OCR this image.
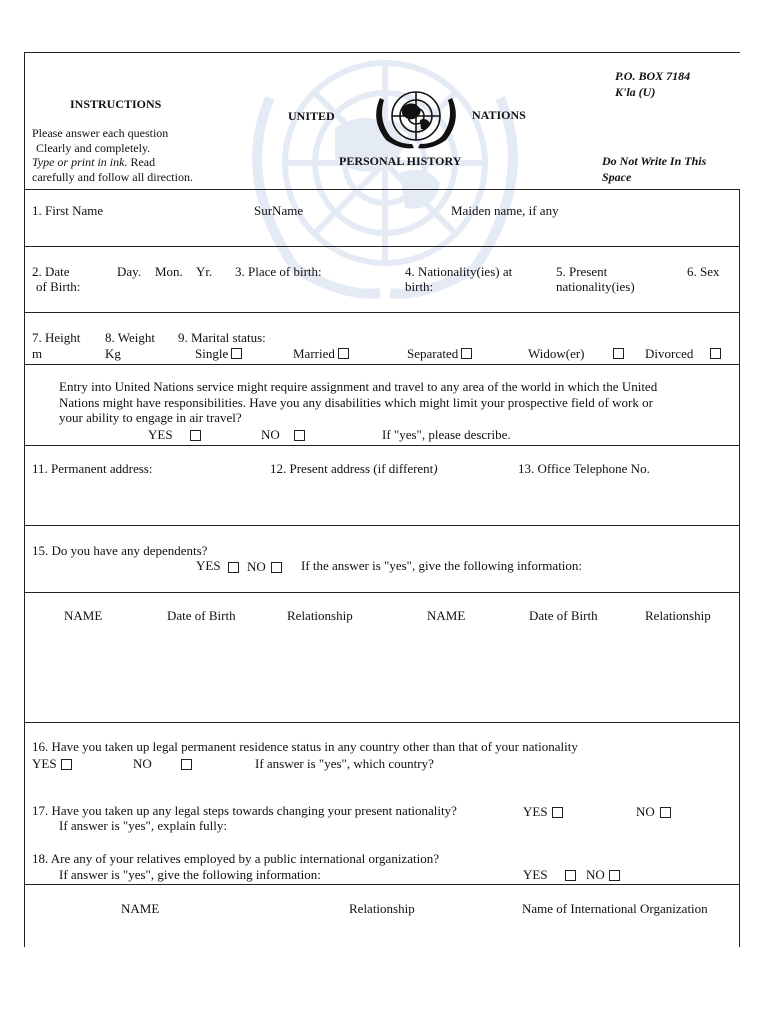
INSTRUCTIONS
Please answer each question
Clearly and completely.
Type or print in ink. Read
carefully and follow all direction.
UNITED	NATIONS
PERSONAL HISTORY
P.O. BOX 7184
K'la (U)
Do Not Write In This
Space
1. First Name	SurName	Maiden name, if any
2. Date
of Birth:
Day. Mon. Yr. 3. Place of birth:	4. Nationality(ies) at
birth:
5. Present
nationality(ies)
6. Sex
7. Height
m
8. Weight
Kg
9. Marital status:
Single	Married	Separated	Widow(er)	Divorced
Entry into United Nations service might require assignment and travel to any area of the world in which the United
Nations might have responsibilities. Have you any disabilities which might limit your prospective field of work or
your ability to engage in air travel?
YES	NO	If "yes", please describe.
11. Permanent address:	12. Present address (if different)	13. Office Telephone No.
15. Do you have any dependents?
YES NO	If the answer is "yes", give the following information:
NAME	Date of Birth	Relationship	NAME	Date of Birth	Relationship
16. Have you taken up legal permanent residence status in any country other than that of your nationality
YES	NO	If answer is "yes", which country?
17. Have you taken up any legal steps towards changing your present nationality?
If answer is "yes", explain fully:
YES	NO
18. Are any of your relatives employed by a public international organization?
If answer is "yes", give the following information:	YES	NO
NAME	Relationship	Name of International Organization
